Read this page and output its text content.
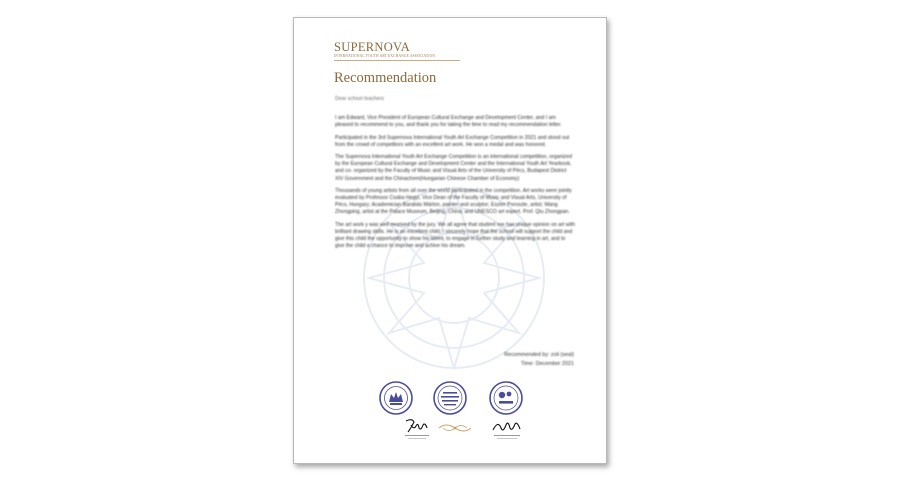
SUPERNOVA
INTERNATIONAL YOUTH ART EXCHANGE ASSOCIATION
Recommendation

Dear school teachers

I am Edward, Vice President of European Cultural Exchange and Development Center, and I am pleased to recommend to you, and thank you for taking the time to read my recommendation letter.

Participated in the 3rd Supernova International Youth Art Exchange Competition in 2021 and stood out from the crowd of competitors with an excellent art work. He won a medal and was honored.

The Supernova International Youth Art Exchange Competition is an international competition, organized by the European Cultural Exchange and Development Center and the International Youth Art Yearbook, and co- organized by the Faculty of Music and Visual Arts of the University of Pécs, Budapest District XIV Government and the Chinachem(Hungarian Chinese Chamber of Economy)

Thousands of young artists from all over the world participated in the competition. Art works were jointly evaluated by Professor Csaba Hegyi, Vice Dean of the Faculty of Music and Visual Arts, University of Pécs, Hungary; Academician Barabás Márton, painter and sculptor; Eszter Poroszle, artist; Wang Zhongping, artist at the Palace Museum, Beijing, China; and UNESCO art expert. Prof. Qiu Zhongpan.

The art work y was well received by the jury. We all agree that student xxx has unique opinion on art with brilliant drawing skills. He is an excellent child. I sincerely hope that the school will support the child and give this child the opportunity to show his talent, to engage in further study and learning in art, and to give the child a chance to improve and achive his dream.

Recommended by: zoli (seal)
Time: December 2021
